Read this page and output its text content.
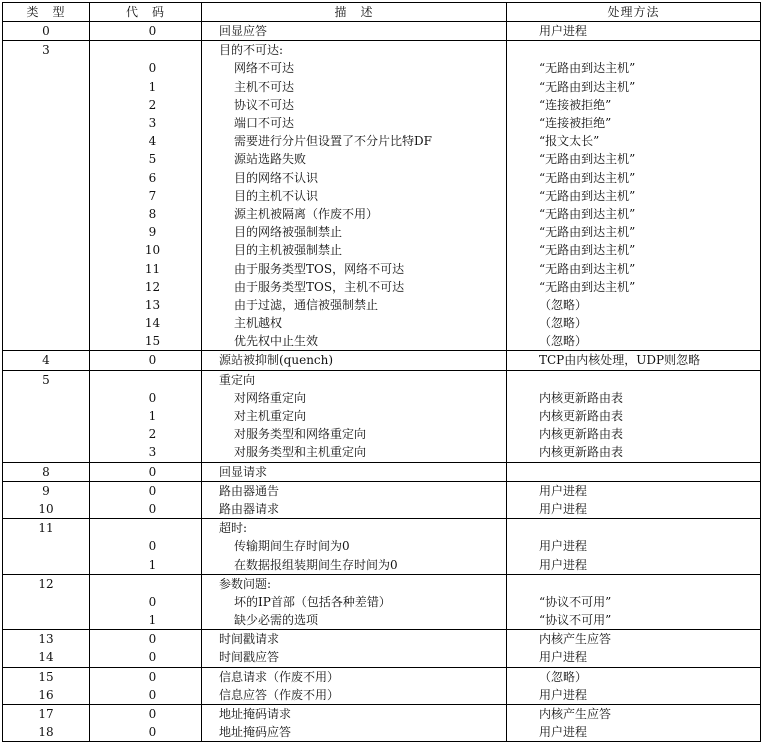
类　型	代　码	描　述	处理方法
0	0	回显应答	用户进程
3		目的不可达:	
	0	网络不可达	“无路由到达主机”
	1	主机不可达	“无路由到达主机”
	2	协议不可达	“连接被拒绝”
	3	端口不可达	“连接被拒绝”
	4	需要进行分片但设置了不分片比特DF	“报文太长”
	5	源站选路失败	“无路由到达主机”
	6	目的网络不认识	“无路由到达主机”
	7	目的主机不认识	“无路由到达主机”
	8	源主机被隔离（作废不用）	“无路由到达主机”
	9	目的网络被强制禁止	“无路由到达主机”
	10	目的主机被强制禁止	“无路由到达主机”
	11	由于服务类型TOS，网络不可达	“无路由到达主机”
	12	由于服务类型TOS，主机不可达	“无路由到达主机”
	13	由于过滤，通信被强制禁止	（忽略）
	14	主机越权	（忽略）
	15	优先权中止生效	（忽略）
4	0	源站被抑制(quench)	TCP由内核处理，UDP则忽略
5		重定向	
	0	对网络重定向	内核更新路由表
	1	对主机重定向	内核更新路由表
	2	对服务类型和网络重定向	内核更新路由表
	3	对服务类型和主机重定向	内核更新路由表
8	0	回显请求	
9	0	路由器通告	用户进程
10	0	路由器请求	用户进程
11		超时:	
	0	传输期间生存时间为0	用户进程
	1	在数据报组装期间生存时间为0	用户进程
12		参数问题:	
	0	坏的IP首部（包括各种差错）	“协议不可用”
	1	缺少必需的选项	“协议不可用”
13	0	时间戳请求	内核产生应答
14	0	时间戳应答	用户进程
15	0	信息请求（作废不用）	（忽略）
16	0	信息应答（作废不用）	用户进程
17	0	地址掩码请求	内核产生应答
18	0	地址掩码应答	用户进程
